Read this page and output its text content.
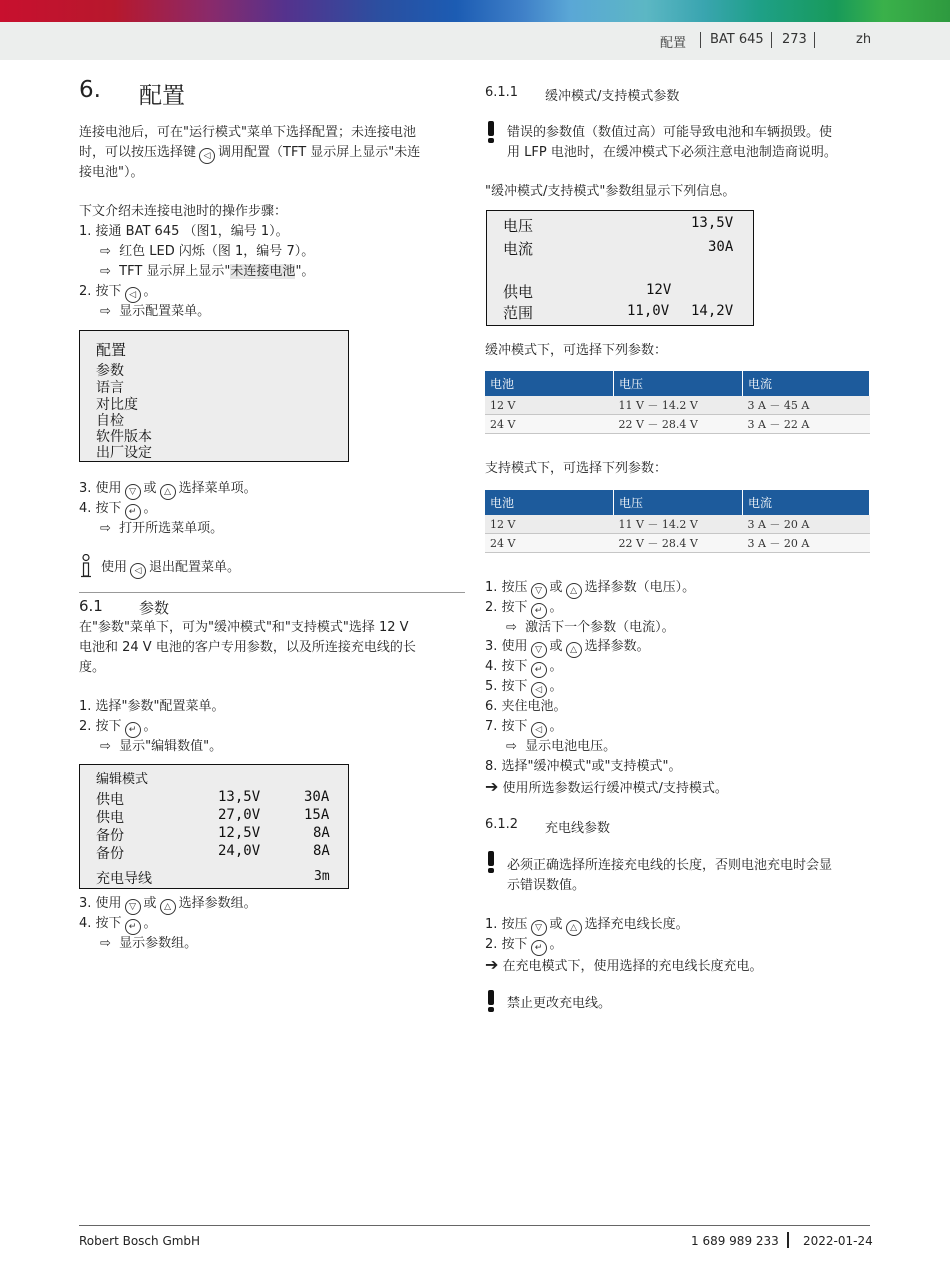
配置 BAT 645 273	zh
6. 配置
连接电池后，可在"运行模式"菜单下选择配置；未连接电池
时，可以按压选择键 ◁ 调用配置（TFT 显示屏上显示"未连
接电池"）。
下文介绍未连接电池时的操作步骤：
1. 接通 BAT 645 （图1，编号 1）。
⇨ 红色 LED 闪烁（图 1，编号 7）。
⇨ TFT 显示屏上显示"未连接电池"。
2. 按下 ◁ 。
⇨ 显示配置菜单。
配置
参数
语言
对比度
自检
软件版本
出厂设定
3. 使用 ▽ 或 △ 选择菜单项。
4. 按下 ↵ 。
⇨ 打开所选菜单项。
使用 ◁ 退出配置菜单。
6.1 参数
在"参数"菜单下，可为"缓冲模式"和"支持模式"选择 12 V
电池和 24 V 电池的客户专用参数，以及所连接充电线的长
度。
1. 选择"参数"配置菜单。
2. 按下 ↵ 。
⇨ 显示"编辑数值"。
编辑模式
供电	13,5V	30A
供电	27,0V	15A
备份	12,5V	8A
备份	24,0V	8A
充电导线	3m
3. 使用 ▽ 或 △ 选择参数组。
4. 按下 ↵ 。
⇨ 显示参数组。
6.1.1 缓冲模式/支持模式参数
错误的参数值（数值过高）可能导致电池和车辆损毁。使
用 LFP 电池时，在缓冲模式下必须注意电池制造商说明。
"缓冲模式/支持模式"参数组显示下列信息。
电压	13,5V
电流	30A
供电	12V
范围	11,0V 14,2V
缓冲模式下，可选择下列参数：
电池	电压	电流
12 V	11 V － 14.2 V	3 A － 45 A
24 V	22 V － 28.4 V	3 A － 22 A
支持模式下，可选择下列参数：
电池	电压	电流
12 V	11 V － 14.2 V	3 A － 20 A
24 V	22 V － 28.4 V	3 A － 20 A
1. 按压 ▽ 或 △ 选择参数（电压）。
2. 按下 ↵ 。
⇨ 激活下一个参数（电流）。
3. 使用 ▽ 或 △ 选择参数。
4. 按下 ↵ 。
5. 按下 ◁ 。
6. 夹住电池。
7. 按下 ◁ 。
⇨ 显示电池电压。
8. 选择"缓冲模式"或"支持模式"。
➔ 使用所选参数运行缓冲模式/支持模式。
6.1.2 充电线参数
必须正确选择所连接充电线的长度，否则电池充电时会显
示错误数值。
1. 按压 ▽ 或 △ 选择充电线长度。
2. 按下 ↵ 。
➔ 在充电模式下，使用选择的充电线长度充电。
禁止更改充电线。
Robert Bosch GmbH	1 689 989 233 2022-01-24
